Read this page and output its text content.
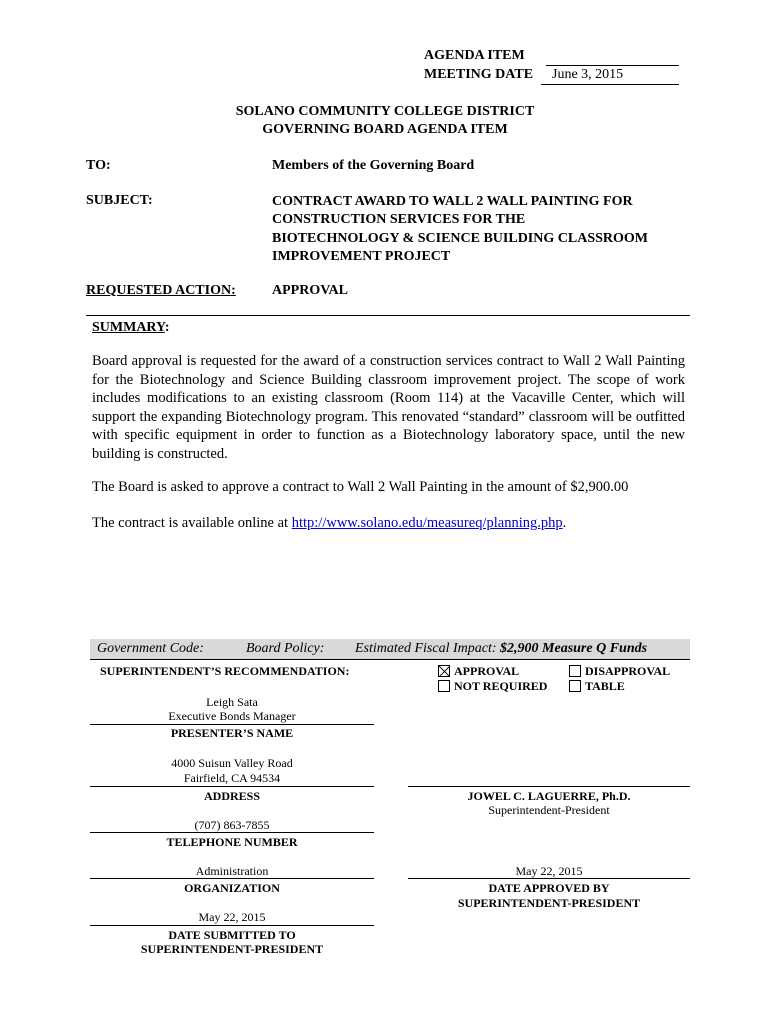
AGENDA ITEM
MEETING DATE June 3, 2015
SOLANO COMMUNITY COLLEGE DISTRICT
GOVERNING BOARD AGENDA ITEM
TO:	Members of the Governing Board
SUBJECT:	CONTRACT AWARD TO WALL 2 WALL PAINTING FOR
CONSTRUCTION SERVICES FOR THE
BIOTECHNOLOGY & SCIENCE BUILDING CLASSROOM
IMPROVEMENT PROJECT
REQUESTED ACTION:	APPROVAL
SUMMARY:
Board approval is requested for the award of a construction services contract to Wall 2 Wall Painting for the Biotechnology and Science Building classroom improvement project. The scope of work includes modifications to an existing classroom (Room 114) at the Vacaville Center, which will support the expanding Biotechnology program. This renovated “standard” classroom will be outfitted with specific equipment in order to function as a Biotechnology laboratory space, until the new building is constructed.
The Board is asked to approve a contract to Wall 2 Wall Painting in the amount of $2,900.00
The contract is available online at http://www.solano.edu/measureq/planning.php.
Government Code:	Board Policy: Estimated Fiscal Impact: $2,900 Measure Q Funds
SUPERINTENDENT’S RECOMMENDATION:	APPROVAL	DISAPPROVAL
NOT REQUIRED	TABLE
Leigh Sata
Executive Bonds Manager
PRESENTER’S NAME
4000 Suisun Valley Road
Fairfield, CA 94534
ADDRESS
(707) 863-7855
TELEPHONE NUMBER
Administration
ORGANIZATION
May 22, 2015
DATE SUBMITTED TO
SUPERINTENDENT-PRESIDENT
JOWEL C. LAGUERRE, Ph.D.
Superintendent-President
May 22, 2015
DATE APPROVED BY
SUPERINTENDENT-PRESIDENT
